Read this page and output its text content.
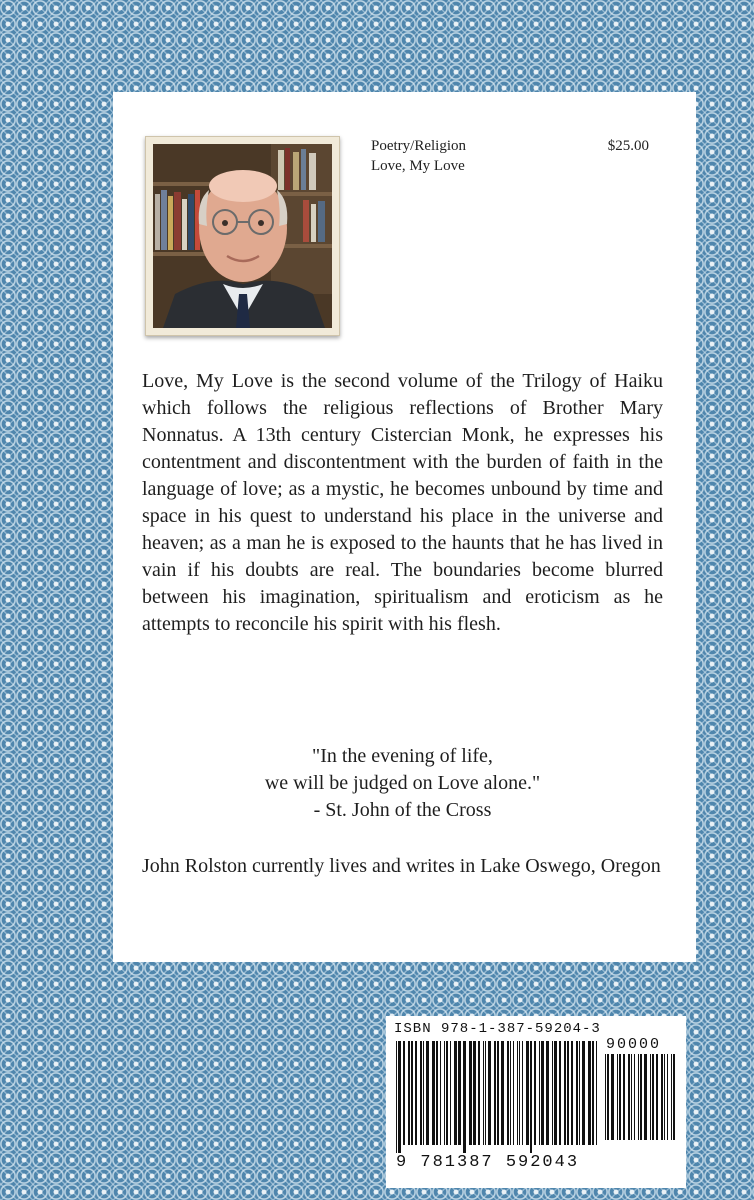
Poetry/Religion
Love, My Love
$25.00

Love, My Love is the second volume of the Trilogy of Haiku which follows the religious reflections of Brother Mary Nonnatus. A 13th century Cistercian Monk, he expresses his contentment and discontentment with the burden of faith in the language of love; as a mystic, he becomes unbound by time and space in his quest to understand his place in the universe and heaven; as a man he is exposed to the haunts that he has lived in vain if his doubts are real. The boundaries become blurred between his imagination, spiritualism and eroticism as he attempts to reconcile his spirit with his flesh.

"In the evening of life,
we will be judged on Love alone."
- St. John of the Cross

John Rolston currently lives and writes in Lake Oswego, Oregon

ISBN 978-1-387-59204-3
90000
9 781387 592043
